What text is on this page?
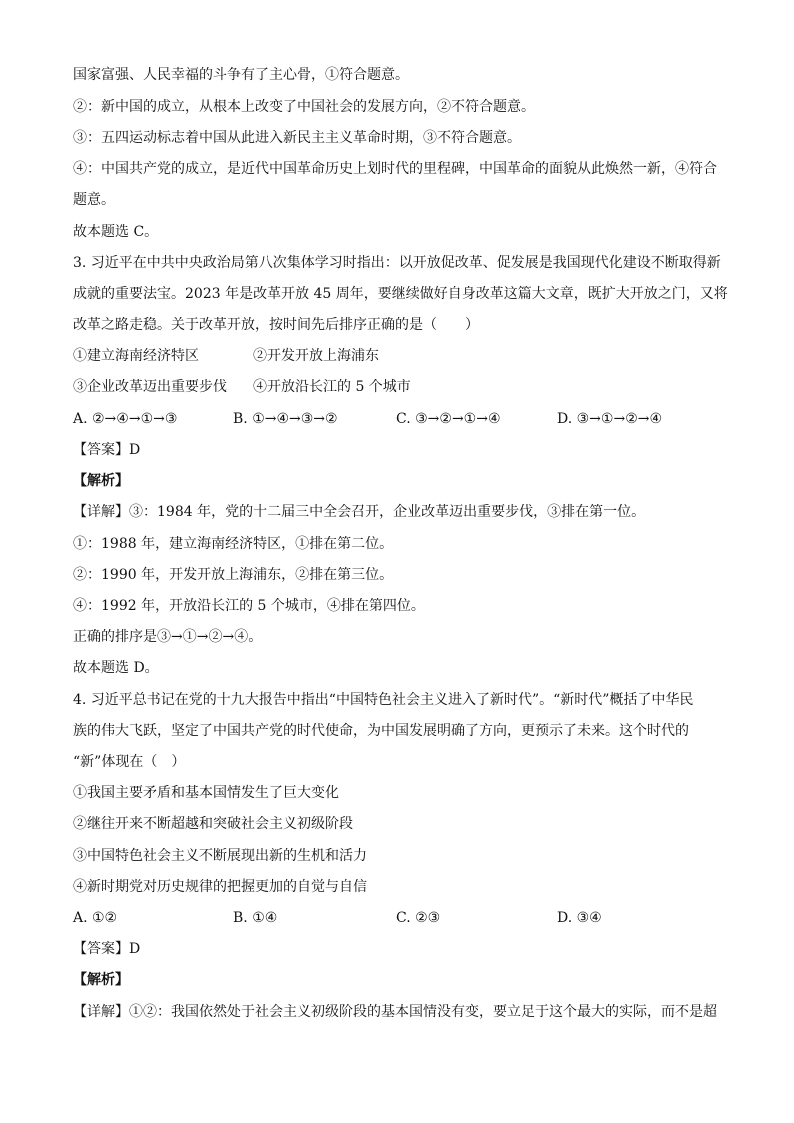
国家富强、人民幸福的斗争有了主心骨，①符合题意。
②：新中国的成立，从根本上改变了中国社会的发展方向，②不符合题意。
③：五四运动标志着中国从此进入新民主主义革命时期，③不符合题意。
④：中国共产党的成立，是近代中国革命历史上划时代的里程碑，中国革命的面貌从此焕然一新，④符合
题意。
故本题选 C。
3. 习近平在中共中央政治局第八次集体学习时指出：以开放促改革、促发展是我国现代化建设不断取得新
成就的重要法宝。2023 年是改革开放 45 周年，要继续做好自身改革这篇大文章，既扩大开放之门，又将
改革之路走稳。关于改革开放，按时间先后排序正确的是（　　）
①建立海南经济特区	②开发开放上海浦东
③企业改革迈出重要步伐 ④开放沿长江的 5 个城市
A. ②→④→①→③	B. ①→④→③→②	C. ③→②→①→④	D. ③→①→②→④
【答案】D
【解析】
【详解】③：1984 年，党的十二届三中全会召开，企业改革迈出重要步伐，③排在第一位。
①：1988 年，建立海南经济特区，①排在第二位。
②：1990 年，开发开放上海浦东，②排在第三位。
④：1992 年，开放沿长江的 5 个城市，④排在第四位。
正确的排序是③→①→②→④。
故本题选 D。
4. 习近平总书记在党的十九大报告中指出“中国特色社会主义进入了新时代”。“新时代”概括了中华民
族的伟大飞跃，坚定了中国共产党的时代使命，为中国发展明确了方向，更预示了未来。这个时代的
“新”体现在（　）
①我国主要矛盾和基本国情发生了巨大变化
②继往开来不断超越和突破社会主义初级阶段
③中国特色社会主义不断展现出新的生机和活力
④新时期党对历史规律的把握更加的自觉与自信
A. ①②	B. ①④	C. ②③	D. ③④
【答案】D
【解析】
【详解】①②：我国依然处于社会主义初级阶段的基本国情没有变，要立足于这个最大的实际，而不是超
